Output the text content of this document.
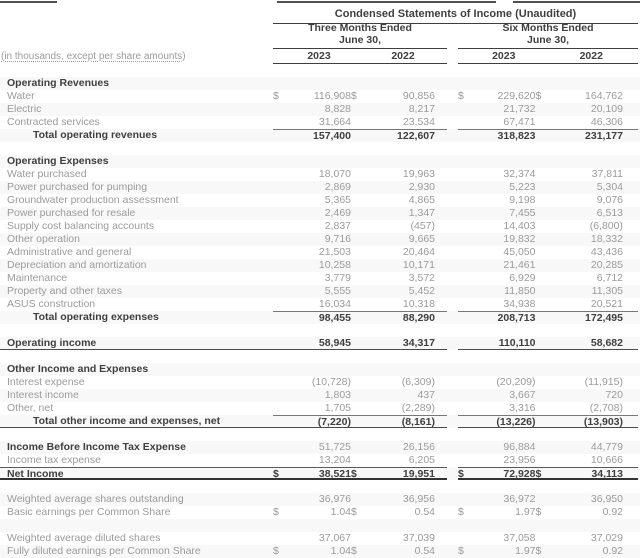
Condensed Statements of Income (Unaudited)
Three Months Ended
June 30,
Six Months Ended
June 30,
(in thousands, except per share amounts)	2023	2022	2023	2022
Operating Revenues
Water	$	116,908 $	90,856 $	229,620 $	164,762
Electric	8,828	8,217	21,732	20,109
Contracted services	31,664	23,534	67,471	46,306
Total operating revenues	157,400	122,607	318,823	231,177
Operating Expenses
Water purchased	18,070	19,963	32,374	37,811
Power purchased for pumping	2,869	2,930	5,223	5,304
Groundwater production assessment	5,365	4,865	9,198	9,076
Power purchased for resale	2,469	1,347	7,455	6,513
Supply cost balancing accounts	2,837	(457)	14,403	(6,800)
Other operation	9,716	9,665	19,832	18,332
Administrative and general	21,503	20,464	45,050	43,436
Depreciation and amortization	10,258	10,171	21,461	20,285
Maintenance	3,779	3,572	6,929	6,712
Property and other taxes	5,555	5,452	11,850	11,305
ASUS construction	16,034	10,318	34,938	20,521
Total operating expenses	98,455	88,290	208,713	172,495
Operating income	58,945	34,317	110,110	58,682
Other Income and Expenses
Interest expense	(10,728)	(6,309)	(20,209)	(11,915)
Interest income	1,803	437	3,667	720
Other, net	1,705	(2,289)	3,316	(2,708)
Total other income and expenses, net	(7,220)	(8,161)	(13,226)	(13,903)
Income Before Income Tax Expense	51,725	26,156	96,884	44,779
Income tax expense	13,204	6,205	23,956	10,666
Net Income	$	38,521 $	19,951 $	72,928 $	34,113
Weighted average shares outstanding	36,976	36,956	36,972	36,950
Basic earnings per Common Share	$	1.04 $	0.54 $	1.97 $	0.92
Weighted average diluted shares	37,067	37,039	37,058	37,029
Fully diluted earnings per Common Share	$	1.04 $	0.54 $	1.97 $	0.92
